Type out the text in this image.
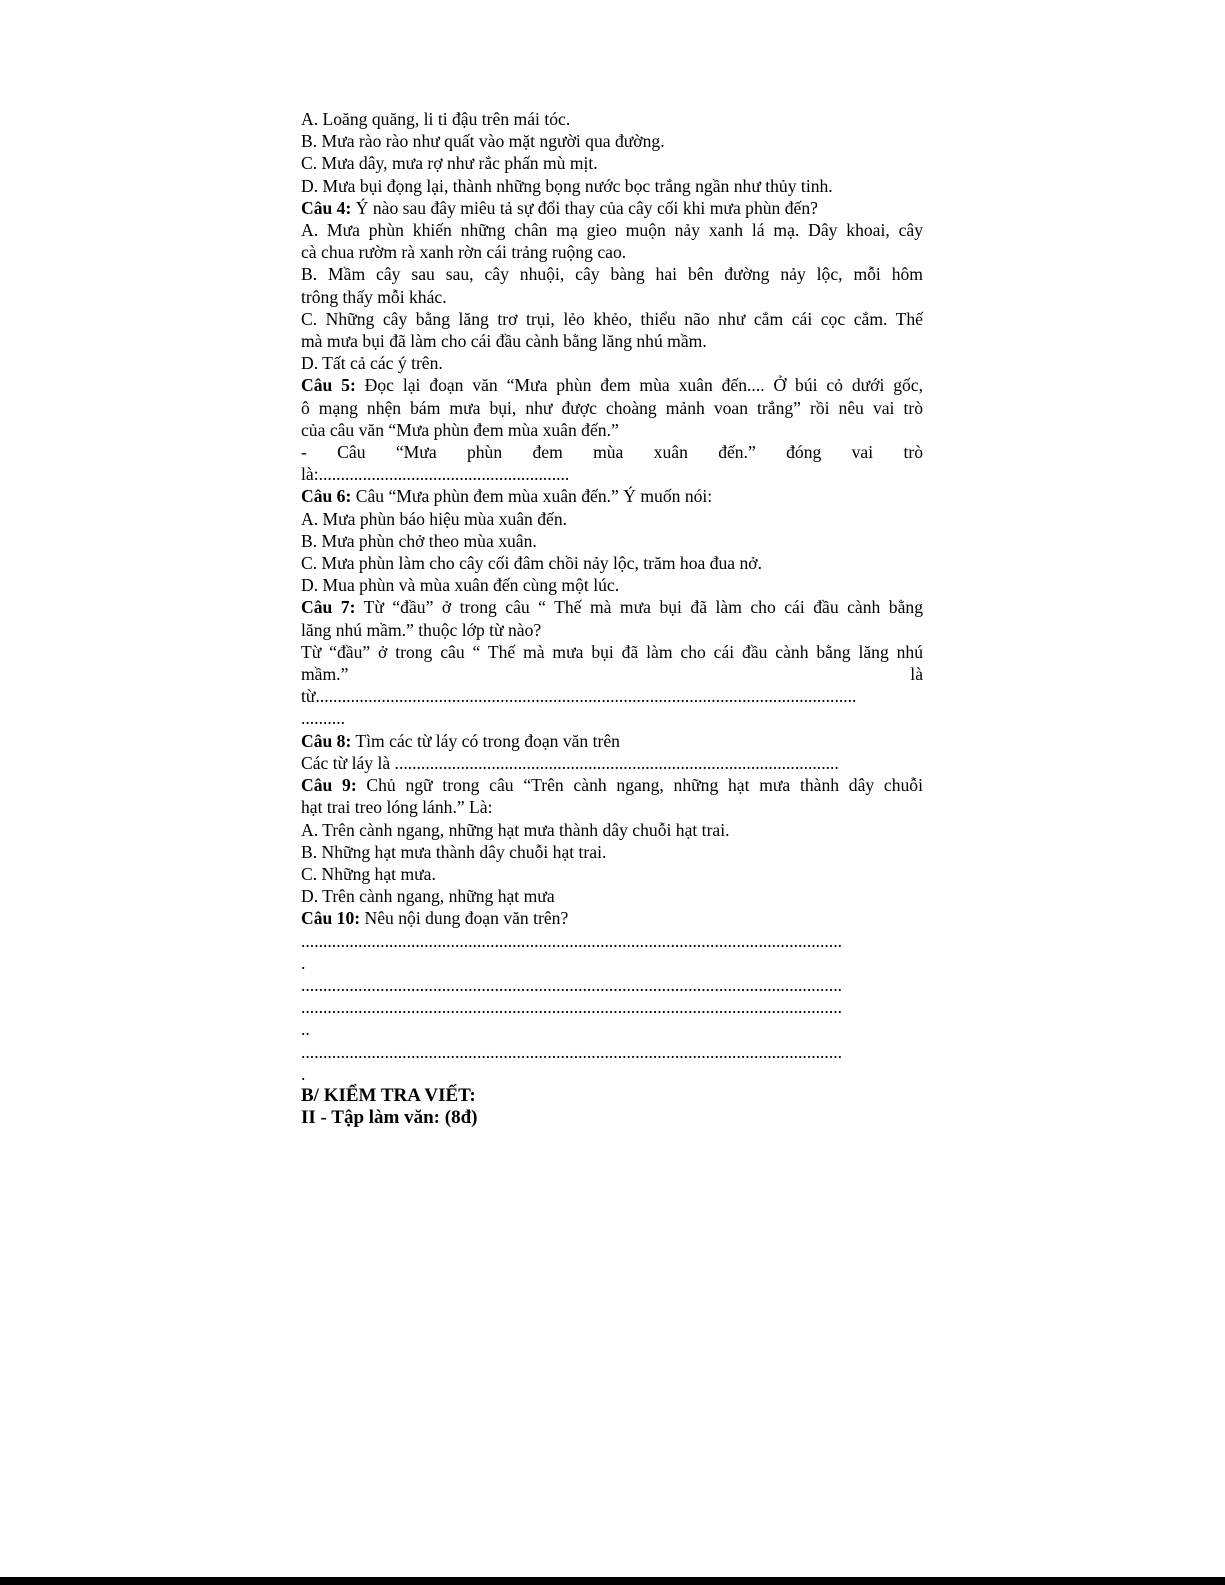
A. Loăng quăng, li ti đậu trên mái tóc.
B. Mưa rào rào như quất vào mặt người qua đường.
C. Mưa dây, mưa rợ như rắc phấn mù mịt.
D. Mưa bụi đọng lại, thành những bọng nước bọc trắng ngần như thủy tinh.
Câu 4: Ý nào sau đây miêu tả sự đổi thay của cây cối khi mưa phùn đến?
A. Mưa phùn khiến những chân mạ gieo muộn nảy xanh lá mạ. Dây khoai, cây
cà chua rườm rà xanh rờn cái trảng ruộng cao.
B. Mầm cây sau sau, cây nhuội, cây bàng hai bên đường nảy lộc, mỗi hôm
trông thấy mỗi khác.
C. Những cây bằng lăng trơ trụi, lẻo khẻo, thiểu não như cắm cái cọc cắm. Thế
mà mưa bụi đã làm cho cái đầu cành bằng lăng nhú mầm.
D. Tất cả các ý trên.
Câu 5: Đọc lại đoạn văn “Mưa phùn đem mùa xuân đến.... Ở búi cỏ dưới gốc,
ô mạng nhện bám mưa bụi, như được choàng mảnh voan trắng” rồi nêu vai trò
của câu văn “Mưa phùn đem mùa xuân đến.”
- Câu “Mưa phùn đem mùa xuân đến.” đóng vai trò
là:.........................................................
Câu 6: Câu “Mưa phùn đem mùa xuân đến.” Ý muốn nói:
A. Mưa phùn báo hiệu mùa xuân đến.
B. Mưa phùn chở theo mùa xuân.
C. Mưa phùn làm cho cây cối đâm chồi nảy lộc, trăm hoa đua nở.
D. Mua phùn và mùa xuân đến cùng một lúc.
Câu 7: Từ “đầu” ở trong câu “ Thế mà mưa bụi đã làm cho cái đầu cành bằng
lăng nhú mầm.” thuộc lớp từ nào?
Từ “đầu” ở trong câu “ Thế mà mưa bụi đã làm cho cái đầu cành bằng lăng nhú
mầm.” là
từ...........................................................................................................................
..........
Câu 8: Tìm các từ láy có trong đoạn văn trên
Các từ láy là .....................................................................................................
Câu 9: Chủ ngữ trong câu “Trên cành ngang, những hạt mưa thành dây chuỗi
hạt trai treo lóng lánh.” Là:
A. Trên cành ngang, những hạt mưa thành dây chuỗi hạt trai.
B. Những hạt mưa thành dây chuỗi hạt trai.
C. Những hạt mưa.
D. Trên cành ngang, những hạt mưa
Câu 10: Nêu nội dung đoạn văn trên?
...........................................................................................................................
.
...........................................................................................................................
...........................................................................................................................
..
...........................................................................................................................
.
B/ KIỂM TRA VIẾT:
II - Tập làm văn: (8đ)
